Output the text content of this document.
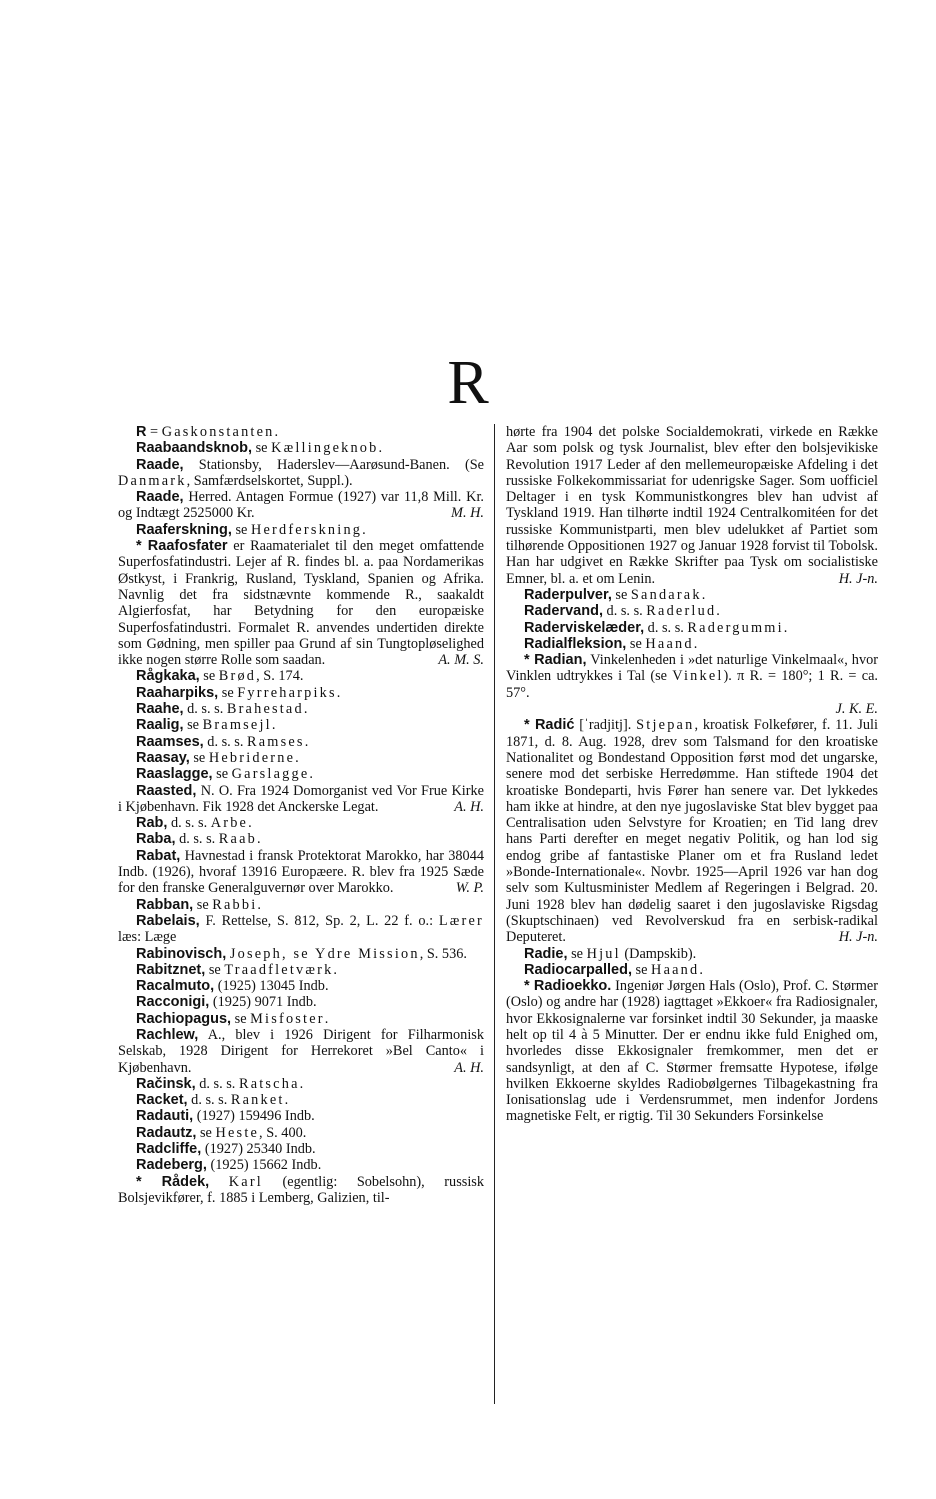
R

R = Gaskonstanten.

Raabaandsknob, se Kællingeknob.

Raade, Stationsby, Haderslev—Aarøsund-Banen. (Se Danmark, Samfærdselskortet, Suppl.).

Raade, Herred. Antagen Formue (1927) var 11,8 Mill. Kr. og Indtægt 2525000 Kr.	M. H.

Raaferskning, se Herdferskning.

* Raafosfater er Raamaterialet til den meget omfattende Superfosfatindustri. Lejer af R. findes bl. a. paa Nordamerikas Østkyst, i Frankrig, Rusland, Tyskland, Spanien og Afrika. Navnlig det fra sidstnævnte kommende R., saakaldt Algierfosfat, har Betydning for den europæiske Superfosfatindustri. Formalet R. anvendes undertiden direkte som Gødning, men spiller paa Grund af sin Tungtopløselighed ikke nogen større Rolle som saadan.	A. M. S.

Rågkaka, se Brød, S. 174.

Raaharpiks, se Fyrreharpiks.

Raahe, d. s. s. Brahestad.

Raalig, se Bramsejl.

Raamses, d. s. s. Ramses.

Raasay, se Hebriderne.

Raaslagge, se Garslagge.

Raasted, N. O. Fra 1924 Domorganist ved Vor Frue Kirke i Kjøbenhavn. Fik 1928 det Anckerske Legat.	A. H.

Rab, d. s. s. Arbe.

Raba, d. s. s. Raab.

Rabat, Havnestad i fransk Protektorat Marokko, har 38044 Indb. (1926), hvoraf 13916 Europæere. R. blev fra 1925 Sæde for den franske Generalguvernør over Marokko.	W. P.

Rabban, se Rabbi.

Rabelais, F. Rettelse, S. 812, Sp. 2, L. 22 f. o.: Lærer læs: Læge

Rabinovisch, Joseph, se Ydre Mission, S. 536.

Rabitznet, se Traadfletværk.

Racalmuto, (1925) 13045 Indb.

Racconigi, (1925) 9071 Indb.

Rachiopagus, se Misfoster.

Rachlew, A., blev i 1926 Dirigent for Filharmonisk Selskab, 1928 Dirigent for Herrekoret »Bel Canto« i Kjøbenhavn.	A. H.

Račinsk, d. s. s. Ratscha.

Racket, d. s. s. Ranket.

Radauti, (1927) 159496 Indb.

Radautz, se Heste, S. 400.

Radcliffe, (1927) 25340 Indb.

Radeberg, (1925) 15662 Indb.

* Rådek, Karl (egentlig: Sobelsohn), russisk Bolsjevikfører, f. 1885 i Lemberg, Galizien, til-

hørte fra 1904 det polske Socialdemokrati, virkede en Række Aar som polsk og tysk Journalist, blev efter den bolsjevikiske Revolution 1917 Leder af den mellemeuropæiske Afdeling i det russiske Folkekommissariat for udenrigske Sager. Som uofficiel Deltager i en tysk Kommunistkongres blev han udvist af Tyskland 1919. Han tilhørte indtil 1924 Centralkomitéen for det russiske Kommunistparti, men blev udelukket af Partiet som tilhørende Oppositionen 1927 og Januar 1928 forvist til Tobolsk. Han har udgivet en Række Skrifter paa Tysk om socialistiske Emner, bl. a. et om Lenin.	H. J-n.

Raderpulver, se Sandarak.

Radervand, d. s. s. Raderlud.

Raderviskelæder, d. s. s. Radergummi.

Radialfleksion, se Haand.

* Radian, Vinkelenheden i »det naturlige Vinkelmaal«, hvor Vinklen udtrykkes i Tal (se Vinkel). π R. = 180°; 1 R. = ca. 57°.
J. K. E.

* Radić [ˈradjitj]. Stjepan, kroatisk Folkefører, f. 11. Juli 1871, d. 8. Aug. 1928, drev som Talsmand for den kroatiske Nationalitet og Bondestand Opposition først mod det ungarske, senere mod det serbiske Herredømme. Han stiftede 1904 det kroatiske Bondeparti, hvis Fører han senere var. Det lykkedes ham ikke at hindre, at den nye jugoslaviske Stat blev bygget paa Centralisation uden Selvstyre for Kroatien; en Tid lang drev hans Parti derefter en meget negativ Politik, og han lod sig endog gribe af fantastiske Planer om et fra Rusland ledet »Bonde-Internationale«. Novbr. 1925—April 1926 var han dog selv som Kultusminister Medlem af Regeringen i Belgrad. 20. Juni 1928 blev han dødelig saaret i den jugoslaviske Rigsdag (Skuptschinaen) ved Revolverskud fra en serbisk-radikal Deputeret.	H. J-n.

Radie, se Hjul (Dampskib).

Radiocarpalled, se Haand.

* Radioekko. Ingeniør Jørgen Hals (Oslo), Prof. C. Størmer (Oslo) og andre har (1928) iagttaget »Ekkoer« fra Radiosignaler, hvor Ekkosignalerne var forsinket indtil 30 Sekunder, ja maaske helt op til 4 à 5 Minutter. Der er endnu ikke fuld Enighed om, hvorledes disse Ekkosignaler fremkommer, men det er sandsynligt, at den af C. Størmer fremsatte Hypotese, ifølge hvilken Ekkoerne skyldes Radiobølgernes Tilbagekastning fra Ionisationslag ude i Verdensrummet, men indenfor Jordens magnetiske Felt, er rigtig. Til 30 Sekunders Forsinkelse
